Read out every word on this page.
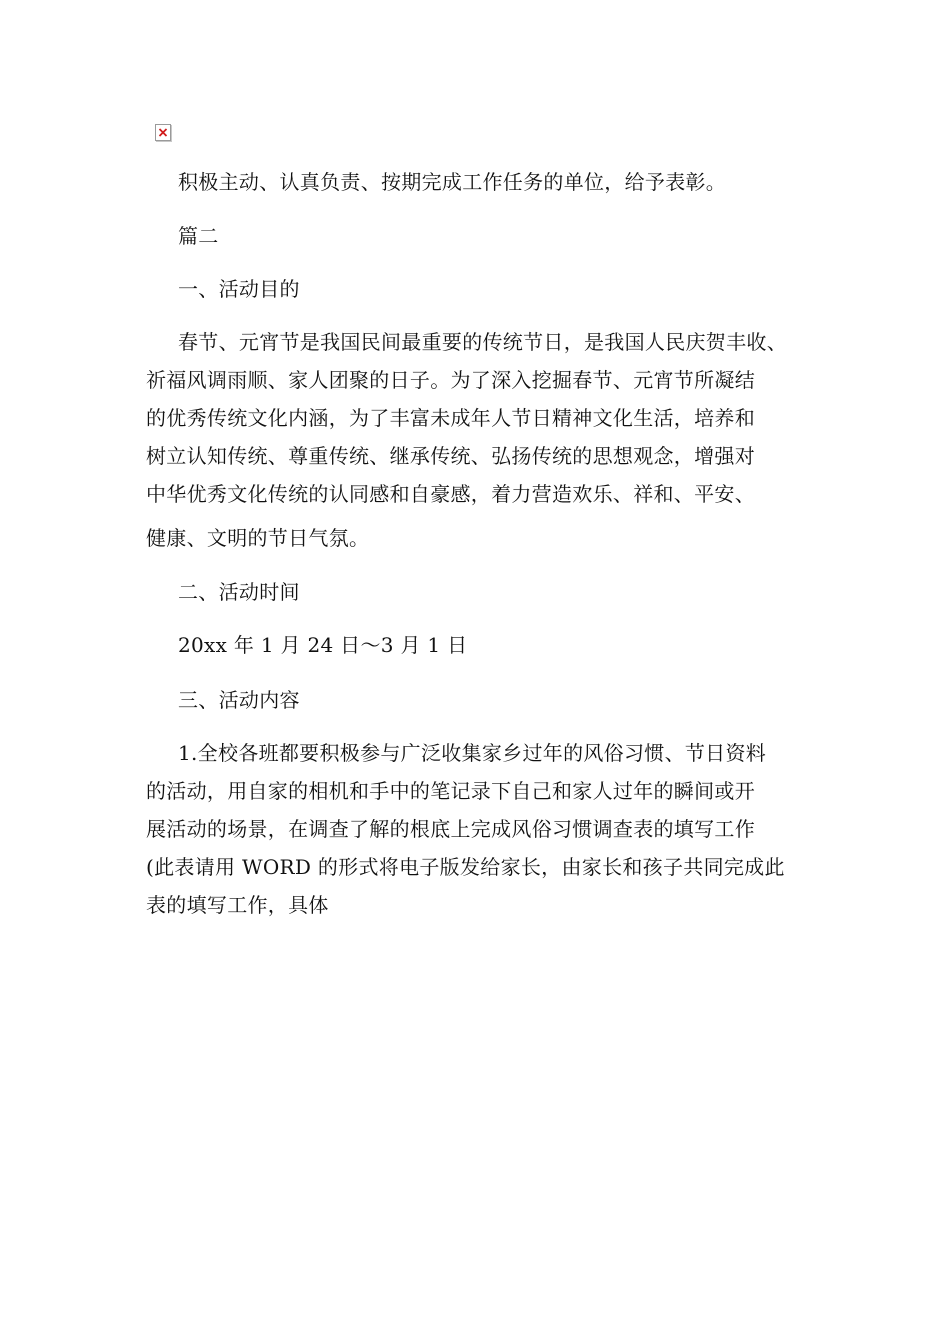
积极主动、认真负责、按期完成工作任务的单位，给予表彰。
篇二
一、活动目的
春节、元宵节是我国民间最重要的传统节日，是我国人民庆贺丰收、
祈福风调雨顺、家人团聚的日子。为了深入挖掘春节、元宵节所凝结
的优秀传统文化内涵，为了丰富未成年人节日精神文化生活，培养和
树立认知传统、尊重传统、继承传统、弘扬传统的思想观念，增强对
中华优秀文化传统的认同感和自豪感，着力营造欢乐、祥和、平安、
健康、文明的节日气氛。
二、活动时间
20xx 年 1 月 24 日～3 月 1 日
三、活动内容
1.全校各班都要积极参与广泛收集家乡过年的风俗习惯、节日资料
的活动，用自家的相机和手中的笔记录下自己和家人过年的瞬间或开
展活动的场景，在调查了解的根底上完成风俗习惯调查表的填写工作
(此表请用 WORD 的形式将电子版发给家长，由家长和孩子共同完成此
表的填写工作，具体
